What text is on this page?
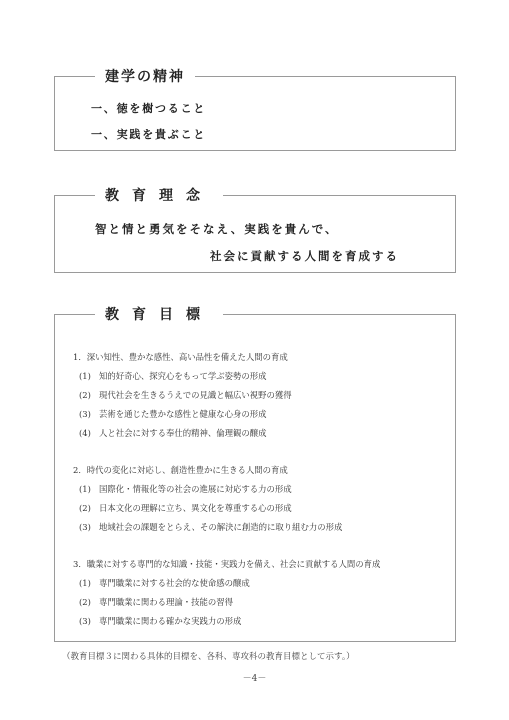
建学の精神
一、徳を樹つること
一、実践を貴ぶこと
教育理念
智と情と勇気をそなえ、実践を貴んで、
社会に貢献する人間を育成する
教育目標
1．深い知性、豊かな感性、高い品性を備えた人間の育成
(1) 知的好奇心、探究心をもって学ぶ姿勢の形成
(2) 現代社会を生きるうえでの見識と幅広い視野の獲得
(3) 芸術を通じた豊かな感性と健康な心身の形成
(4) 人と社会に対する奉仕的精神、倫理観の醸成
2．時代の変化に対応し、創造性豊かに生きる人間の育成
(1) 国際化・情報化等の社会の進展に対応する力の形成
(2) 日本文化の理解に立ち、異文化を尊重する心の形成
(3) 地域社会の課題をとらえ、その解決に創造的に取り組む力の形成
3．職業に対する専門的な知識・技能・実践力を備え、社会に貢献する人間の育成
(1) 専門職業に対する社会的な使命感の醸成
(2) 専門職業に関わる理論・技能の習得
(3) 専門職業に関わる確かな実践力の形成
（教育目標３に関わる具体的目標を、各科、専攻科の教育目標として示す。）
－4－
